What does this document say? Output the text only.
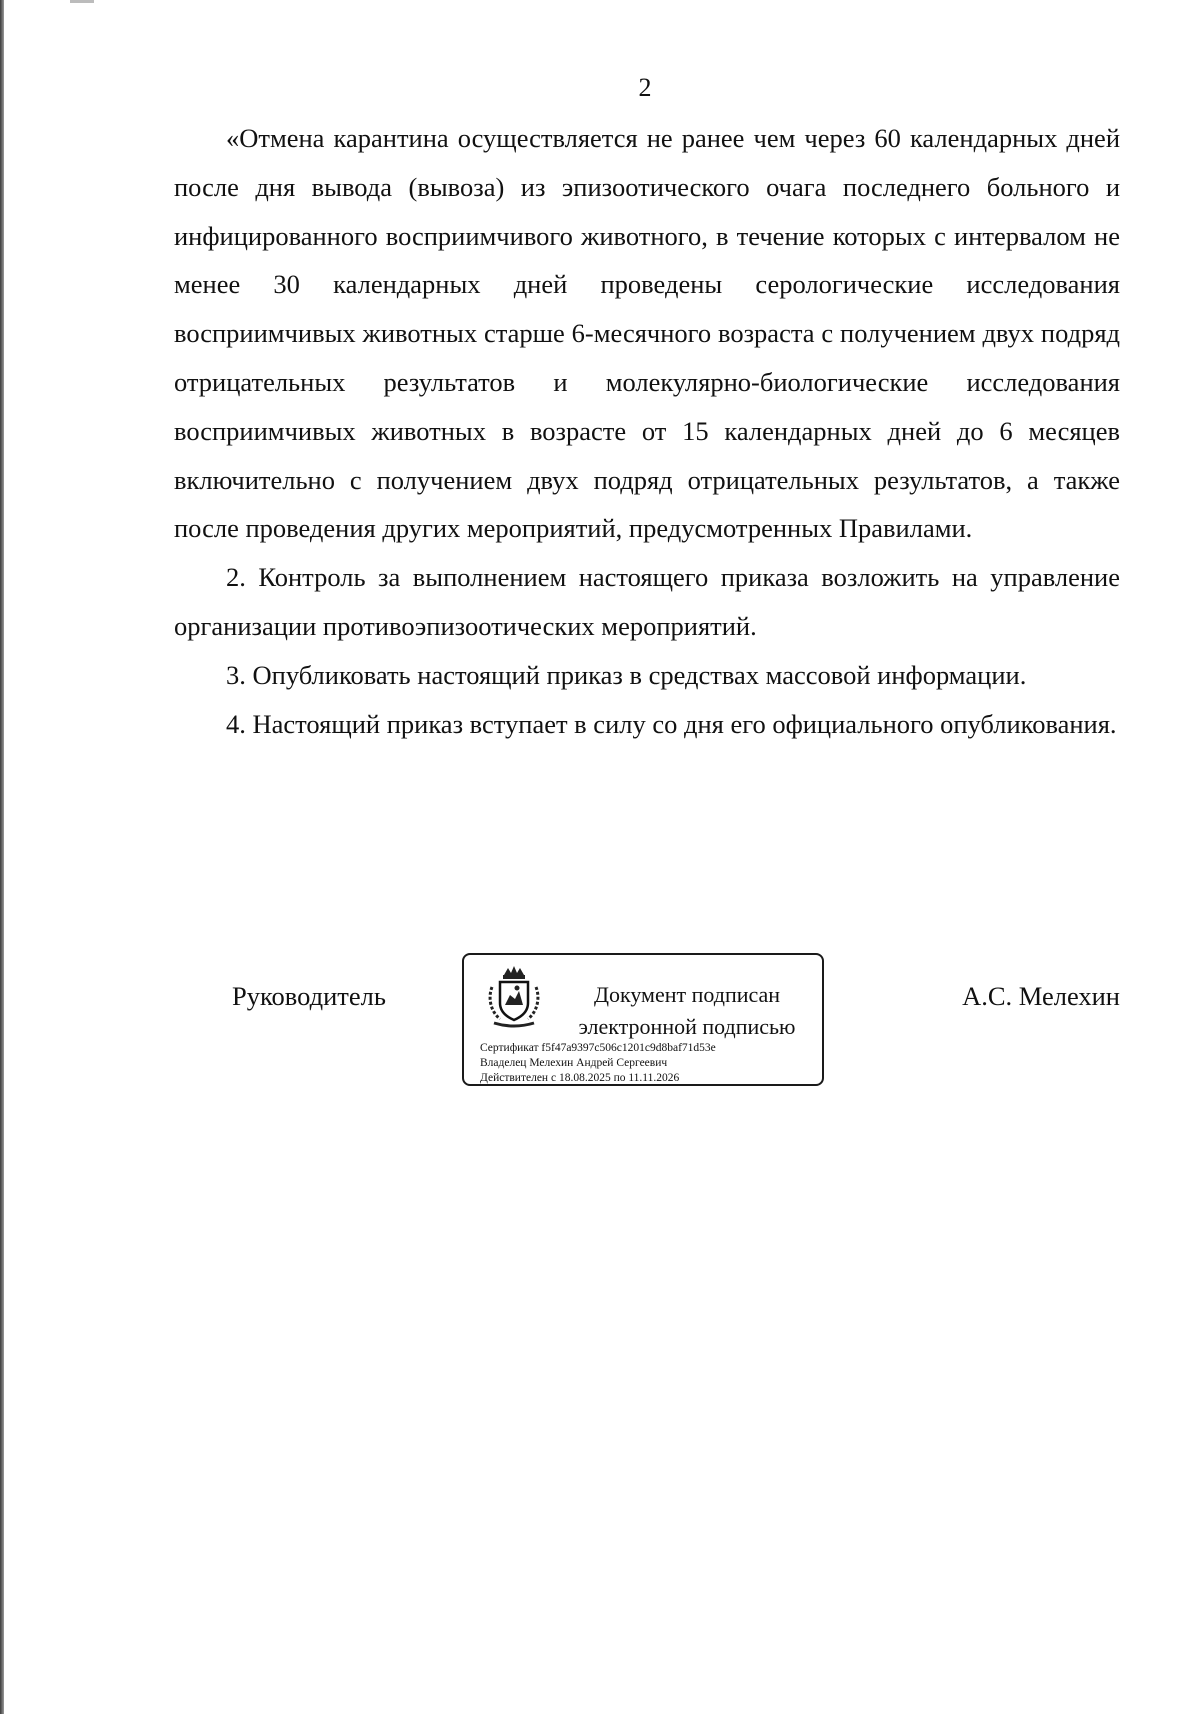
2

«Отмена карантина осуществляется не ранее чем через 60 календарных дней после дня вывода (вывоза) из эпизоотического очага последнего больного и инфицированного восприимчивого животного, в течение которых с интервалом не менее 30 календарных дней проведены серологические исследования восприимчивых животных старше 6-месячного возраста с получением двух подряд отрицательных результатов и молекулярно-биологические исследования восприимчивых животных в возрасте от 15 календарных дней до 6 месяцев включительно с получением двух подряд отрицательных результатов, а также после проведения других мероприятий, предусмотренных Правилами.

2. Контроль за выполнением настоящего приказа возложить на управление организации противоэпизоотических мероприятий.

3. Опубликовать настоящий приказ в средствах массовой информации.

4. Настоящий приказ вступает в силу со дня его официального опубликования.

Руководитель	Документ подписан
электронной подписью
Сертификат f5f47a9397c506c1201c9d8baf71d53e
Владелец Мелехин Андрей Сергеевич
Действителен с 18.08.2025 по 11.11.2026
А.С. Мелехин
